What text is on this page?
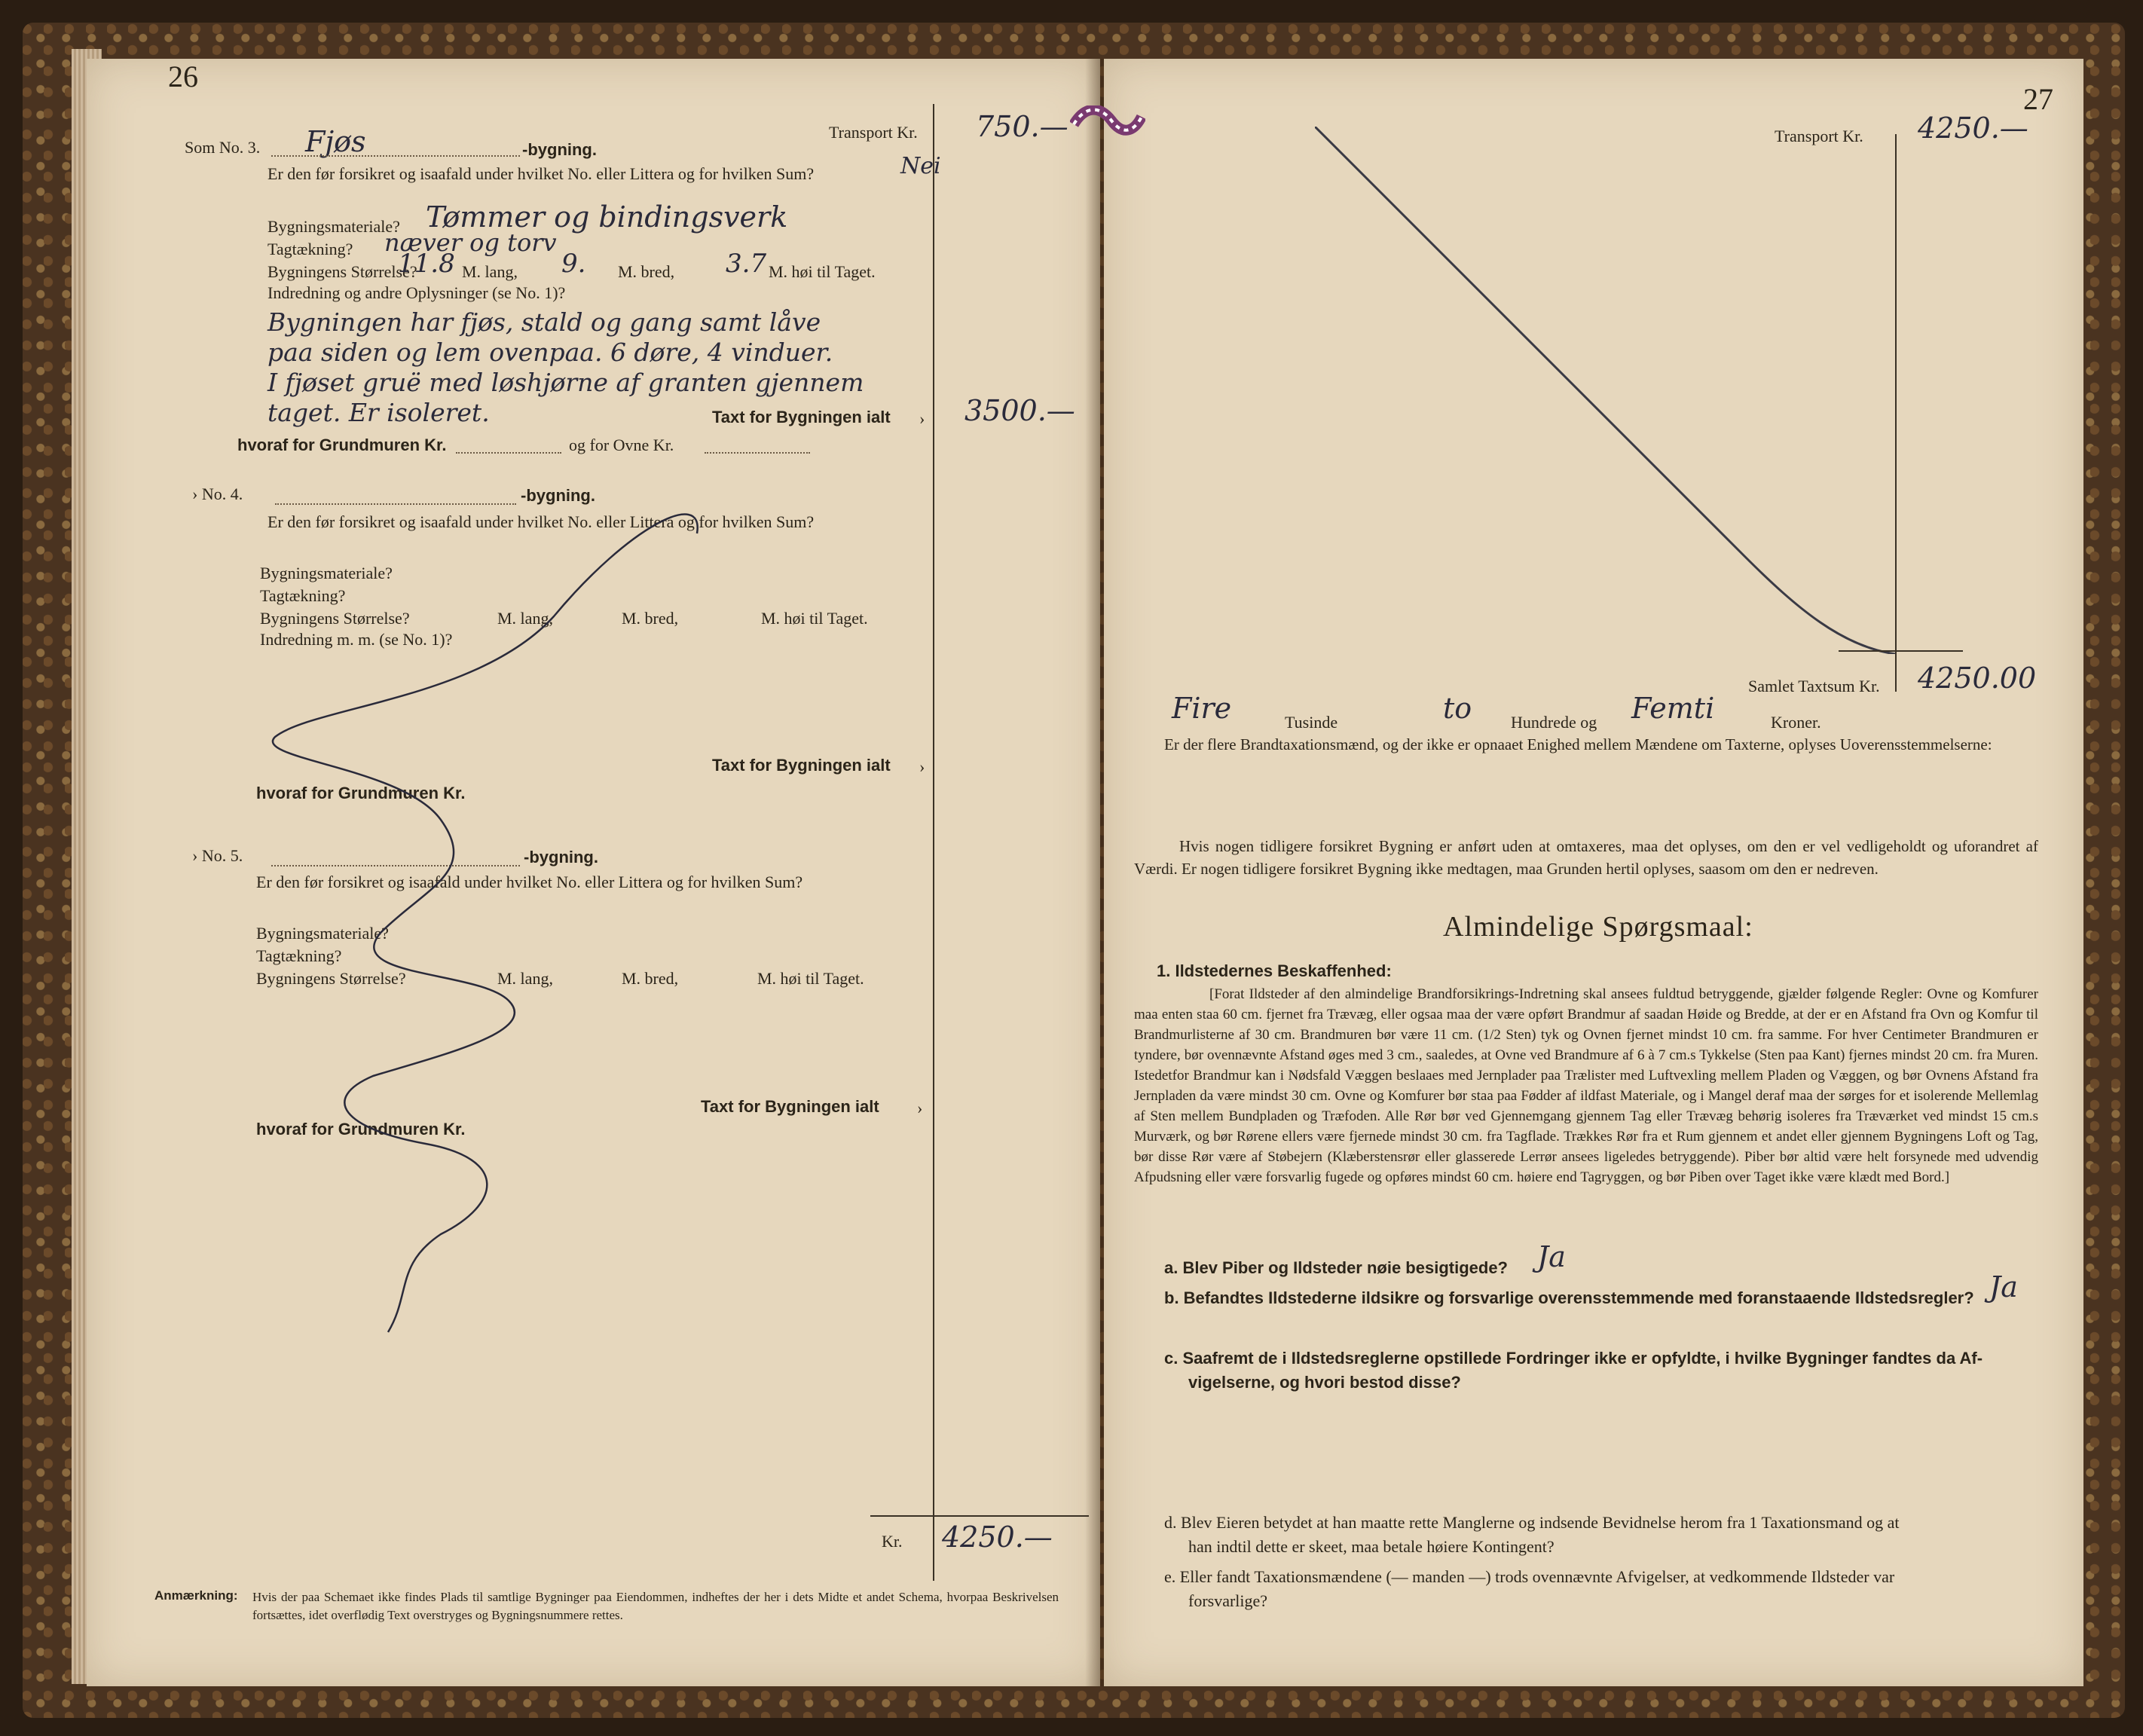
26
Transport Kr. 750.—
Som No. 3. Fjøs	-bygning.
Er den før forsikret og isaafald under hvilket No. eller Littera og for hvilken Sum?	Nei
Bygningsmateriale? Tømmer og bindingsverk
Tagtækning? næver og torv
Bygningens Størrelse?
11.8 M. lang, 9. M. bred, 3.7 M. høi til Taget.
Indredning og andre Oplysninger (se No. 1)?
Bygningen har fjøs, stald og gang samt låve
paa siden og lem ovenpaa. 6 døre, 4 vinduer.
I fjøset gruë med løshjørne af granten gjennem
taget. Er isoleret.	Taxt for Bygningen ialt › 3500.—
hvoraf for Grundmuren Kr.	og for Ovne Kr.
› No. 4.	-bygning.
Er den før forsikret og isaafald under hvilket No. eller Littera og for hvilken Sum?
Bygningsmateriale?
Tagtækning?
Bygningens Størrelse?	M. lang,	M. bred,	M. høi til Taget.
Indredning m. m. (se No. 1)?
Taxt for Bygningen ialt ›
hvoraf for Grundmuren Kr.
› No. 5.	-bygning.
Er den før forsikret og isaafald under hvilket No. eller Littera og for hvilken Sum?
Bygningsmateriale?
Tagtækning?
Bygningens Størrelse?	M. lang,	M. bred,	M. høi til Taget.
Taxt for Bygningen ialt ›
hvoraf for Grundmuren Kr.
Kr. 4250.—
Anmærkning: Hvis der paa Schemaet ikke findes Plads til samtlige Bygninger paa Eiendommen, indheftes der her i dets Midte et andet Schema, hvorpaa Beskrivelsen fortsættes, idet overflødig Text overstryges og Bygningsnummere rettes.
27
Transport Kr. 4250.—
Samlet Taxtsum Kr. 4250.00
Fire	Tusinde	to Hundrede og Femti	Kroner.
Er der flere Brandtaxationsmænd, og der ikke er opnaaet Enighed mellem Mændene om Taxterne, oplyses Uoverensstemmelserne:
Hvis nogen tidligere forsikret Bygning er anført uden at omtaxeres, maa det oplyses, om den er vel vedligeholdt og uforandret af Værdi. Er nogen tidligere forsikret Bygning ikke medtagen, maa Grunden hertil oplyses, saasom om den er nedreven.
Almindelige Spørgsmaal:
1. Ildstedernes Beskaffenhed:
[Forat Ildsteder af den almindelige Brandforsikrings-Indretning skal ansees fuldtud betryggende, gjælder følgende Regler: Ovne og Komfurer maa enten staa 60 cm. fjernet fra Trævæg, eller ogsaa maa der være opført Brandmur af saadan Høide og Bredde, at der er en Afstand fra Ovn og Komfur til Brandmurlisterne af 30 cm. Brandmuren bør være 11 cm. (1/2 Sten) tyk og Ovnen fjernet mindst 10 cm. fra samme. For hver Centimeter Brandmuren er tyndere, bør ovennævnte Afstand øges med 3 cm., saaledes, at Ovne ved Brandmure af 6 à 7 cm.s Tykkelse (Sten paa Kant) fjernes mindst 20 cm. fra Muren. Istedetfor Brandmur kan i Nødsfald Væggen beslaaes med Jernplader paa Trælister med Luftvexling mellem Pladen og Væggen, og bør Ovnens Afstand fra Jernpladen da være mindst 30 cm. Ovne og Komfurer bør staa paa Fødder af ildfast Materiale, og i Mangel deraf maa der sørges for et isolerende Mellemlag af Sten mellem Bundpladen og Træfoden. Alle Rør bør ved Gjennemgang gjennem Tag eller Trævæg behørig isoleres fra Træværket ved mindst 15 cm.s Murværk, og bør Rørene ellers være fjernede mindst 30 cm. fra Tagflade. Trækkes Rør fra et Rum gjennem et andet eller gjennem Bygningens Loft og Tag, bør disse Rør være af Støbejern (Klæberstensrør eller glasserede Lerrør ansees ligeledes betryggende). Piber bør altid være helt forsynede med udvendig Afpudsning eller være forsvarlig fugede og opføres mindst 60 cm. høiere end Tagryggen, og bør Piben over Taget ikke være klædt med Bord.]
a. Blev Piber og Ildsteder nøie besigtigede? Ja
b. Befandtes Ildstederne ildsikre og forsvarlige overensstemmende med foranstaaende Ildstedsregler? Ja
c. Saafremt de i Ildstedsreglerne opstillede Fordringer ikke er opfyldte, i hvilke Bygninger fandtes da Af-
vigelserne, og hvori bestod disse?
d. Blev Eieren betydet at han maatte rette Manglerne og indsende Bevidnelse herom fra 1 Taxationsmand og at
han indtil dette er skeet, maa betale høiere Kontingent?
e. Eller fandt Taxationsmændene (— manden —) trods ovennævnte Afvigelser, at vedkommende Ildsteder var
forsvarlige?
